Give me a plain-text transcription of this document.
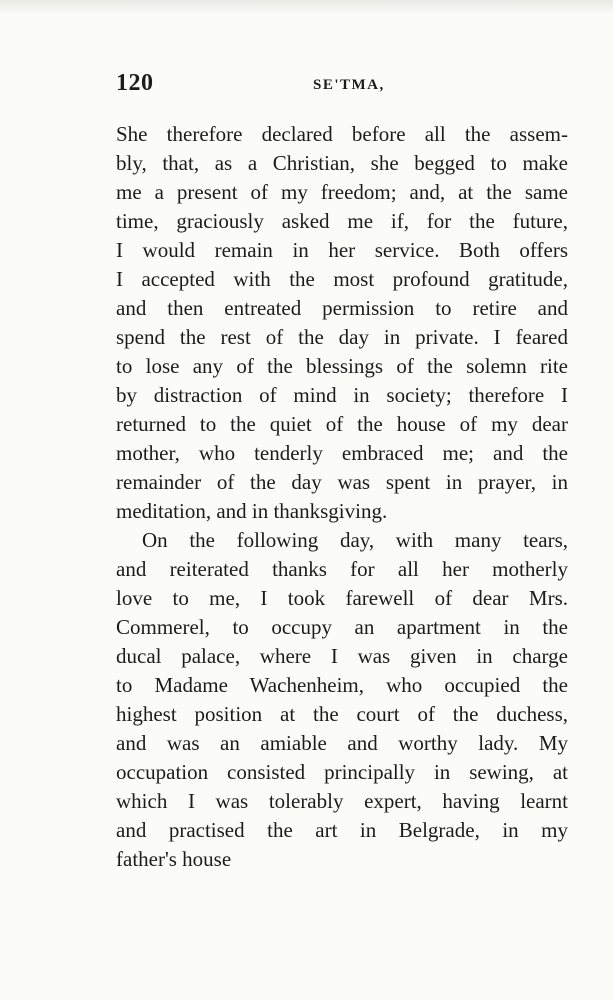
120	SE'TMA,
She therefore declared before all the assem-
bly, that, as a Christian, she begged to make
me a present of my freedom; and, at the same
time, graciously asked me if, for the future,
I would remain in her service. Both offers
I accepted with the most profound gratitude,
and then entreated permission to retire and
spend the rest of the day in private. I feared
to lose any of the blessings of the solemn rite
by distraction of mind in society; therefore I
returned to the quiet of the house of my dear
mother, who tenderly embraced me; and the
remainder of the day was spent in prayer, in
meditation, and in thanksgiving.
On the following day, with many tears,
and reiterated thanks for all her motherly
love to me, I took farewell of dear Mrs.
Commerel, to occupy an apartment in the
ducal palace, where I was given in charge
to Madame Wachenheim, who occupied the
highest position at the court of the duchess,
and was an amiable and worthy lady. My
occupation consisted principally in sewing, at
which I was tolerably expert, having learnt
and practised the art in Belgrade, in my
father's house
